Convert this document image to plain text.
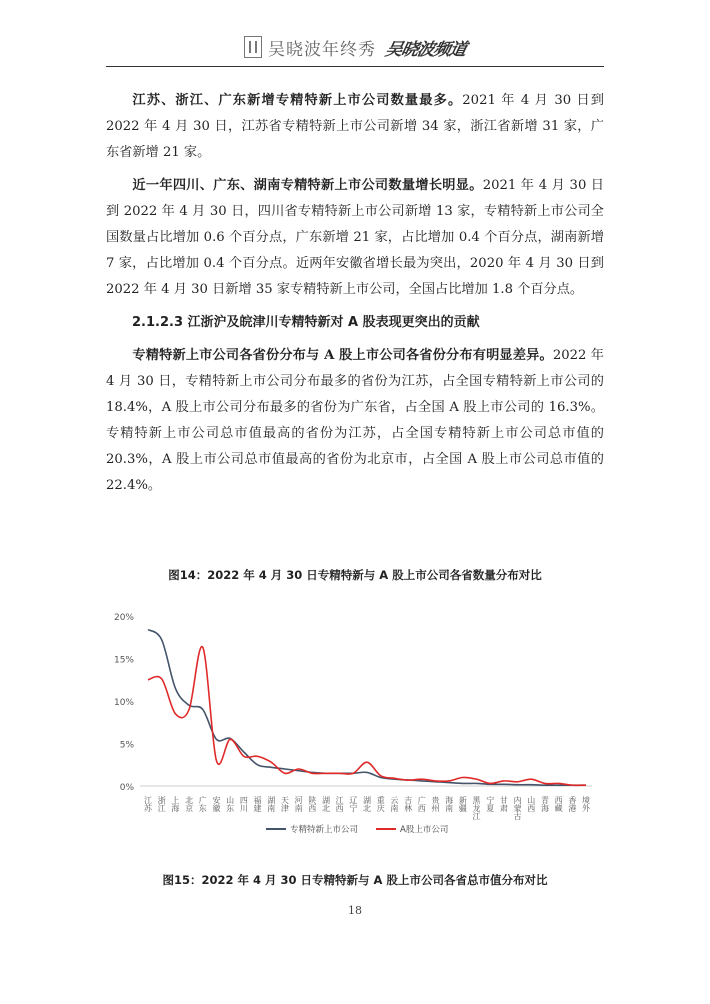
吴晓波年终秀 吴晓波频道

江苏、浙江、广东新增专精特新上市公司数量最多。2021 年 4 月 30 日到 2022 年 4 月 30 日，江苏省专精特新上市公司新增 34 家，浙江省新增 31 家，广东省新增 21 家。

近一年四川、广东、湖南专精特新上市公司数量增长明显。2021 年 4 月 30 日到 2022 年 4 月 30 日，四川省专精特新上市公司新增 13 家，专精特新上市公司全国数量占比增加 0.6 个百分点，广东新增 21 家，占比增加 0.4 个百分点，湖南新增 7 家，占比增加 0.4 个百分点。近两年安徽省增长最为突出，2020 年 4 月 30 日到 2022 年 4 月 30 日新增 35 家专精特新上市公司，全国占比增加 1.8 个百分点。

2.1.2.3 江浙沪及皖津川专精特新对 A 股表现更突出的贡献

专精特新上市公司各省份分布与 A 股上市公司各省份分布有明显差异。2022 年 4 月 30 日，专精特新上市公司分布最多的省份为江苏，占全国专精特新上市公司的 18.4%，A 股上市公司分布最多的省份为广东省，占全国 A 股上市公司的 16.3%。专精特新上市公司总市值最高的省份为江苏，占全国专精特新上市公司总市值的 20.3%，A 股上市公司总市值最高的省份为北京市，占全国 A 股上市公司总市值的 22.4%。

图14：2022 年 4 月 30 日专精特新与 A 股上市公司各省数量分布对比
0%
5%
10%
15%
20%
江苏 浙江 上海 北京 广东 安徽 山东 四川 福建 湖南 天津 河南 陕西 湖北 江西 辽宁 湖北 重庆 云南 吉林 广西 贵州 海南 新疆 黑龙江 宁夏 甘肃 内蒙古 山西 青海 西藏 香港 境外
专精特新上市公司	A股上市公司
图15：2022 年 4 月 30 日专精特新与 A 股上市公司各省总市值分布对比
18
